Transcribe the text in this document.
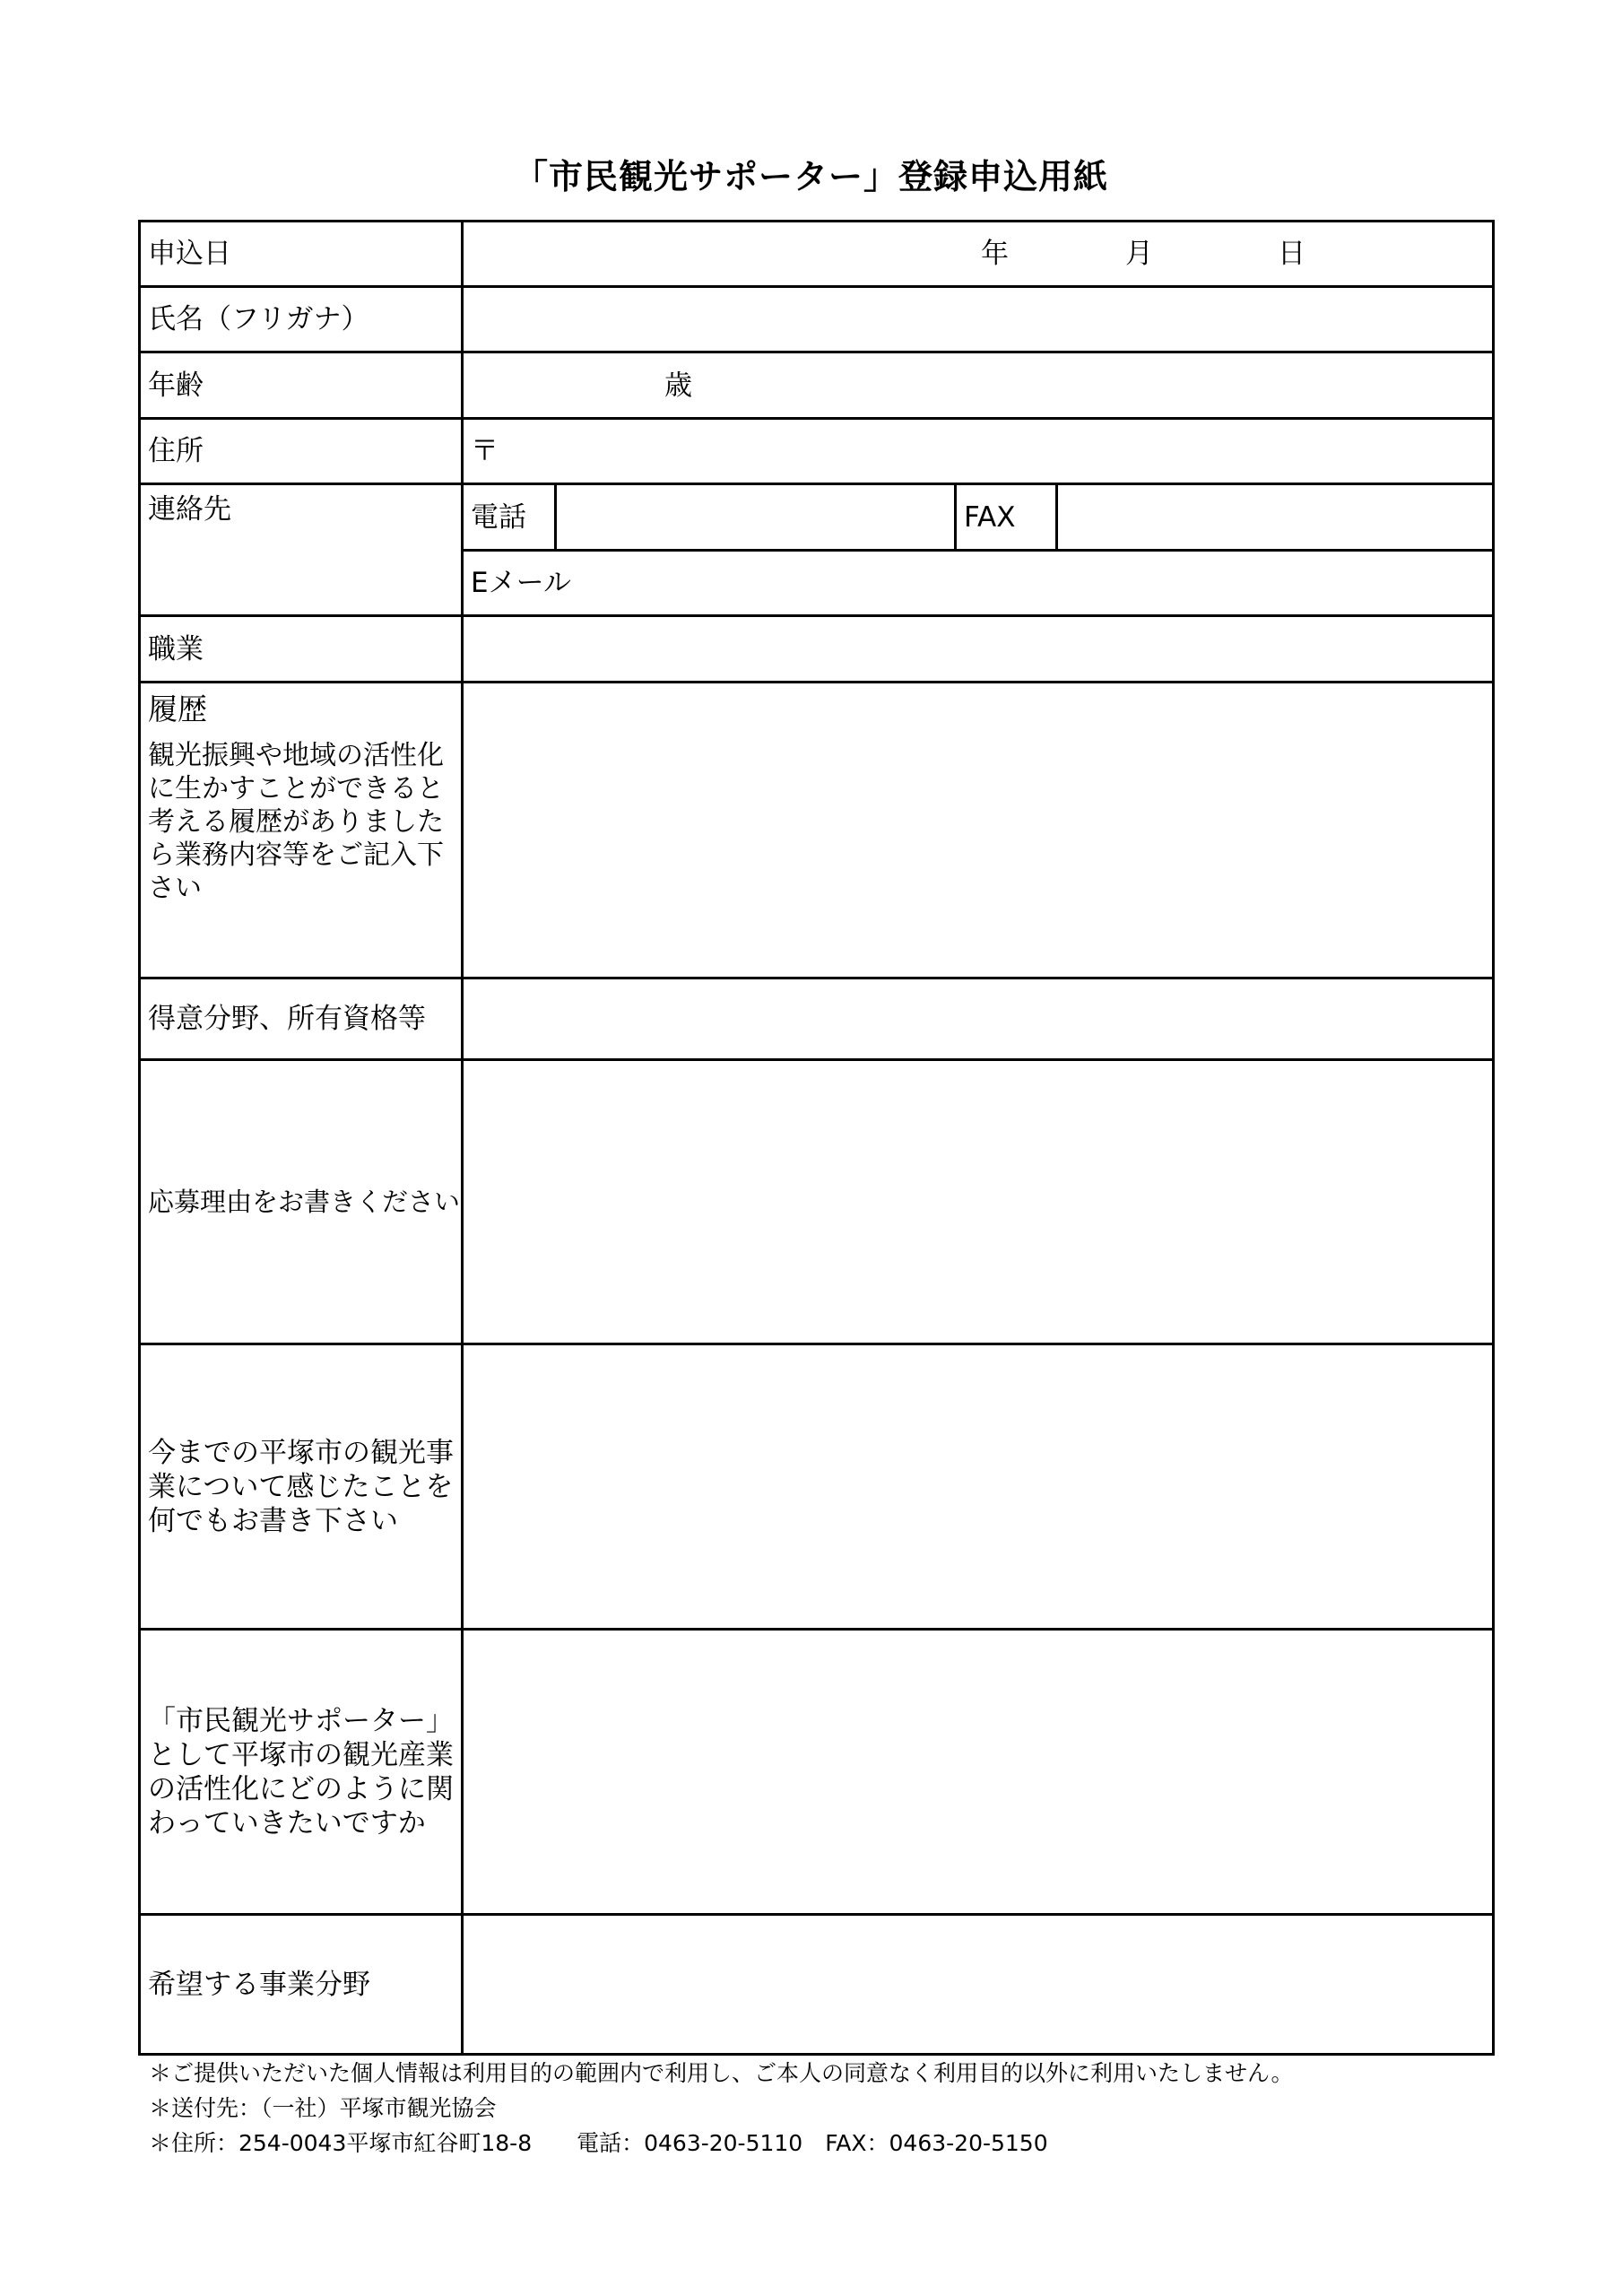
「市民観光サポーター」登録申込用紙
申込日	年 月 日			

氏名（フリガナ）				
年齢	歳			

住所	〒			
連絡先	電話		FAX	
	Eメール			
職業				

履歴
観光振興や地域の活性化に生かすことができると考える履歴がありましたら業務内容等をご記入下さい				

得意分野、所有資格等				
応募理由をお書きください				
今までの平塚市の観光事業について感じたことを何でもお書き下さい				
「市民観光サポーター」として平塚市の観光産業の活性化にどのように関わっていきたいですか				
希望する事業分野				
＊ご提供いただいた個人情報は利用目的の範囲内で利用し、ご本人の同意なく利用目的以外に利用いたしません。
＊送付先：（一社）平塚市観光協会
＊住所：254-0043平塚市紅谷町18-8　　電話：0463-20-5110　FAX：0463-20-5150
